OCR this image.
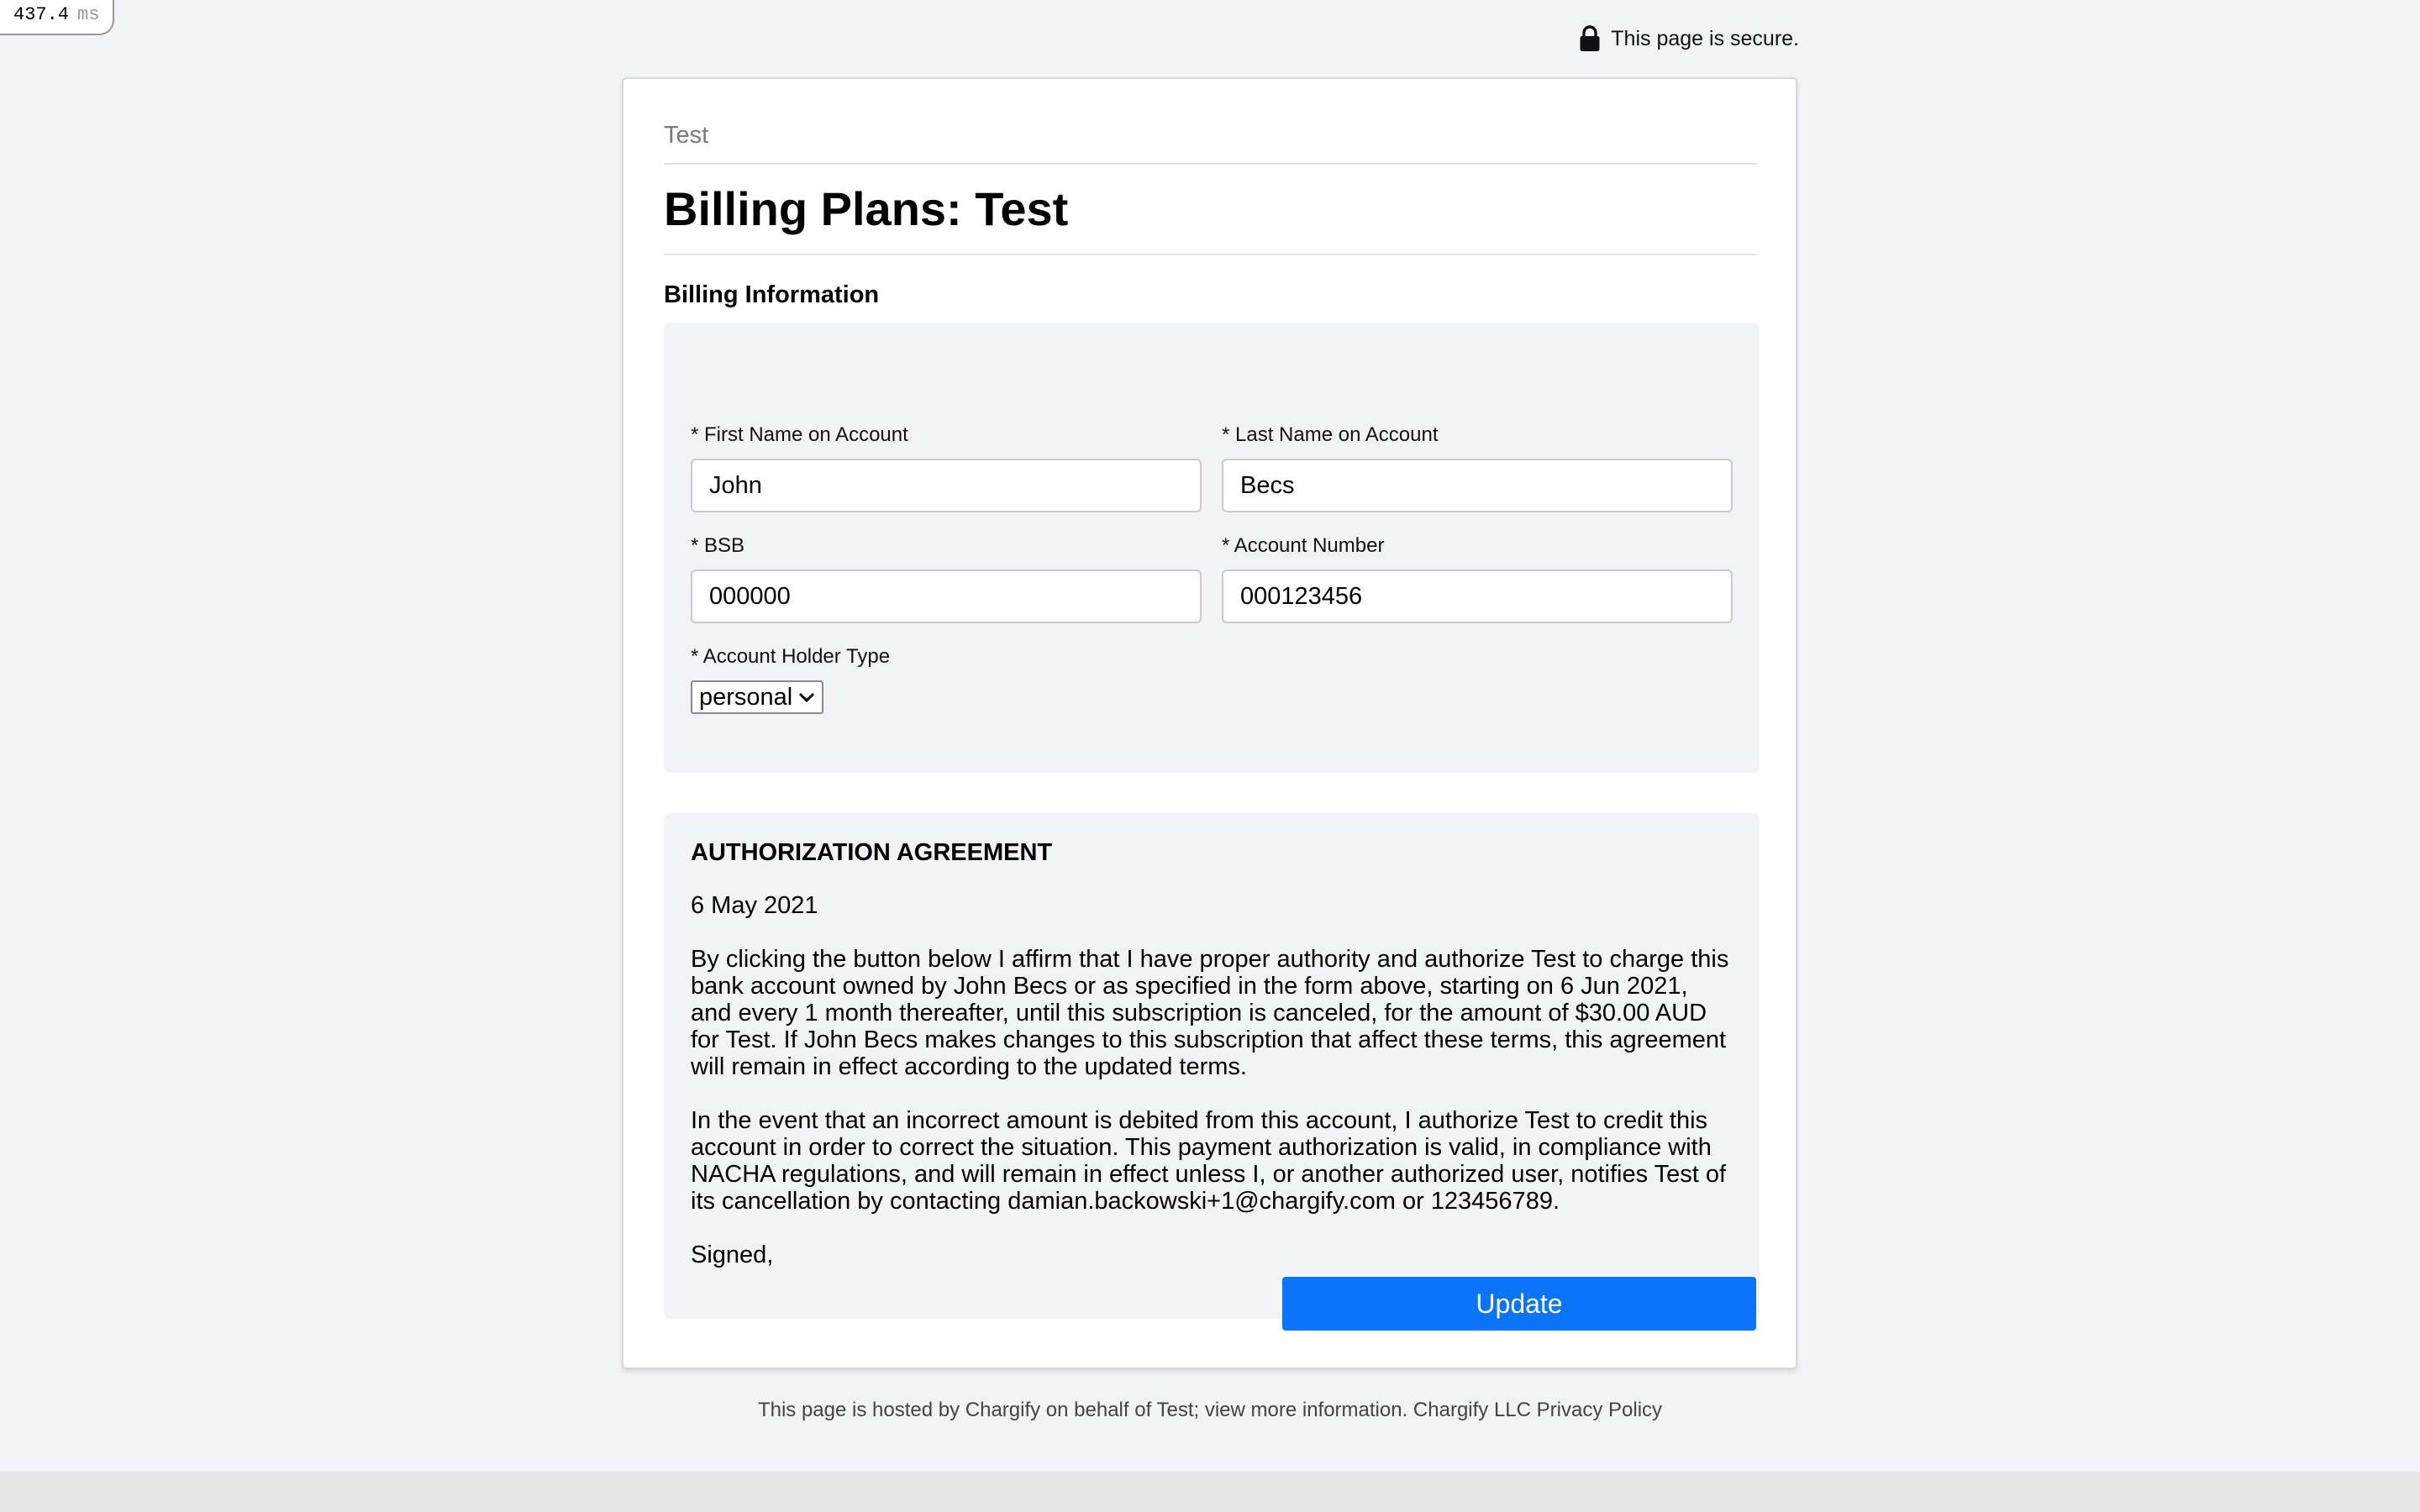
437.4 ms
This page is secure.
Test
Billing Plans: Test
Billing Information
* First Name on Account
John	* Last Name on Account
Becs
* BSB
000000	* Account Number
000123456
* Account Holder Type
personal

AUTHORIZATION AGREEMENT

6 May 2021

By clicking the button below I affirm that I have proper authority and authorize Test to charge this bank account owned by John Becs or as specified in the form above, starting on 6 Jun 2021, and every 1 month thereafter, until this subscription is canceled, for the amount of $30.00 AUD for Test. If John Becs makes changes to this subscription that affect these terms, this agreement will remain in effect according to the updated terms.

In the event that an incorrect amount is debited from this account, I authorize Test to credit this account in order to correct the situation. This payment authorization is valid, in compliance with NACHA regulations, and will remain in effect unless I, or another authorized user, notifies Test of its cancellation by contacting damian.backowski+1@chargify.com or 123456789.

Signed,

Update
This page is hosted by Chargify on behalf of Test; view more information. Chargify LLC Privacy Policy
